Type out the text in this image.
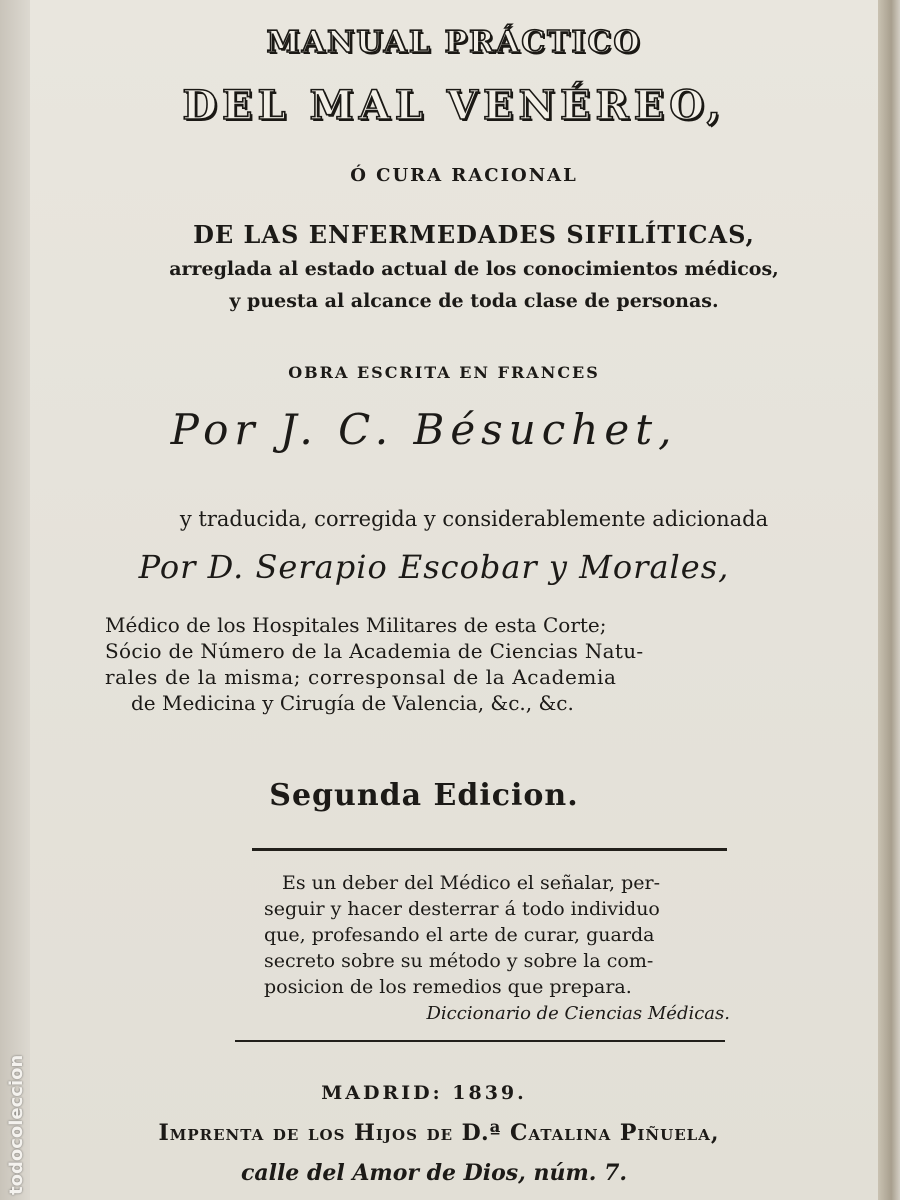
MANUAL PRÁCTICO
DEL MAL VENÉREO,
Ó CURA RACIONAL
DE LAS ENFERMEDADES SIFILÍTICAS,
arreglada al estado actual de los conocimientos médicos,
y puesta al alcance de toda clase de personas.
OBRA ESCRITA EN FRANCES
Por J. C. Bésuchet,
y traducida, corregida y considerablemente adicionada
Por D. Serapio Escobar y Morales,
Médico de los Hospitales Militares de esta Corte;
Sócio de Número de la Academia de Ciencias Natu-
rales de la misma; corresponsal de la Academia
de Medicina y Cirugía de Valencia, &c., &c.
Segunda Edicion.
Es un deber del Médico el señalar, per-
seguir y hacer desterrar á todo individuo
que, profesando el arte de curar, guarda
secreto sobre su método y sobre la com-
posicion de los remedios que prepara.
Diccionario de Ciencias Médicas.
MADRID: 1839.
Imprenta de los Hijos de D.ª Catalina Piñuela,
calle del Amor de Dios, núm. 7.
todocoleccion
